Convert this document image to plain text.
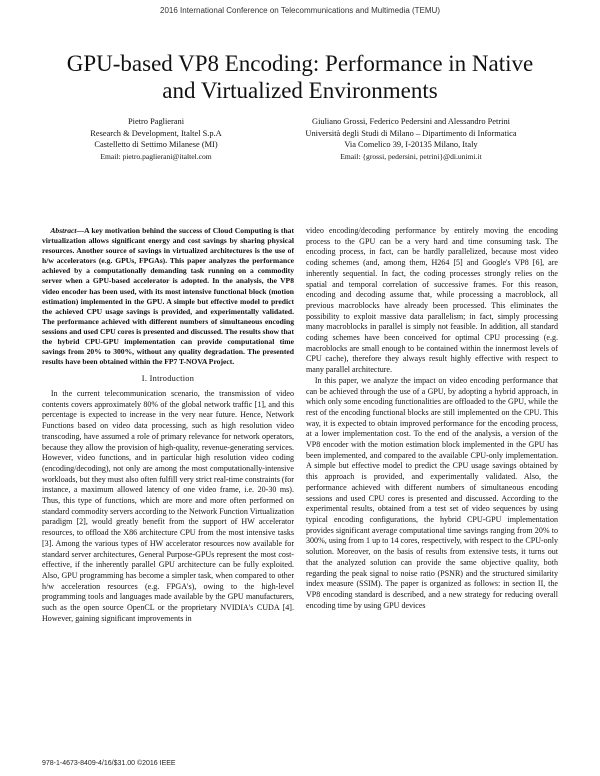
2016 International Conference on Telecommunications and Multimedia (TEMU)
GPU-based VP8 Encoding: Performance in Native
and Virtualized Environments
Pietro Paglierani
Research & Development, Italtel S.p.A
Castelletto di Settimo Milanese (MI)
Email: pietro.paglierani@italtel.com
Giuliano Grossi, Federico Pedersini and Alessandro Petrini
Università degli Studi di Milano – Dipartimento di Informatica
Via Comelico 39, I-20135 Milano, Italy
Email: {grossi, pedersini, petrini}@di.unimi.it

Abstract—A key motivation behind the success of Cloud Computing is that virtualization allows significant energy and cost savings by sharing physical resources. Another source of savings in virtualized architectures is the use of h/w accelerators (e.g. GPUs, FPGAs). This paper analyzes the performance achieved by a computationally demanding task running on a commodity server when a GPU-based accelerator is adopted. In the analysis, the VP8 video encoder has been used, with its most intensive functional block (motion estimation) implemented in the GPU. A simple but effective model to predict the achieved CPU usage savings is provided, and experimentally validated. The performance achieved with different numbers of simultaneous encoding sessions and used CPU cores is presented and discussed. The results show that the hybrid CPU-GPU implementation can provide computational time savings from 20% to 300%, without any quality degradation. The presented results have been obtained within the FP7 T-NOVA Project.

I. Introduction

In the current telecommunication scenario, the transmission of video contents covers approximately 80% of the global network traffic [1], and this percentage is expected to increase in the very near future. Hence, Network Functions based on video data processing, such as high resolution video transcoding, have assumed a role of primary relevance for network operators, because they allow the provision of high-quality, revenue-generating services. However, video functions, and in particular high resolution video coding (encoding/decoding), not only are among the most computationally-intensive workloads, but they must also often fulfill very strict real-time constraints (for instance, a maximum allowed latency of one video frame, i.e. 20-30 ms). Thus, this type of functions, which are more and more often performed on standard commodity servers according to the Network Function Virtualization paradigm [2], would greatly benefit from the support of HW accelerator resources, to offload the X86 architecture CPU from the most intensive tasks [3]. Among the various types of HW accelerator resources now available for standard server architectures, General Purpose-GPUs represent the most cost-effective, if the inherently parallel GPU architecture can be fully exploited. Also, GPU programming has become a simpler task, when compared to other h/w acceleration resources (e.g. FPGA's), owing to the high-level programming tools and languages made available by the GPU manufacturers, such as the open source OpenCL or the proprietary NVIDIA's CUDA [4]. However, gaining significant improvements in

video encoding/decoding performance by entirely moving the encoding process to the GPU can be a very hard and time consuming task. The encoding process, in fact, can be hardly parallelized, because most video coding schemes (and, among them, H264 [5] and Google's VP8 [6], are inherently sequential. In fact, the coding processes strongly relies on the spatial and temporal correlation of successive frames. For this reason, encoding and decoding assume that, while processing a macroblock, all previous macroblocks have already been processed. This eliminates the possibility to exploit massive data parallelism; in fact, simply processing many macroblocks in parallel is simply not feasible. In addition, all standard coding schemes have been conceived for optimal CPU processing (e.g. macroblocks are small enough to be contained within the innermost levels of CPU cache), therefore they always result highly effective with respect to many parallel architecture.

In this paper, we analyze the impact on video encoding performance that can be achieved through the use of a GPU, by adopting a hybrid approach, in which only some encoding functionalities are offloaded to the GPU, while the rest of the encoding functional blocks are still implemented on the CPU. This way, it is expected to obtain improved performance for the encoding process, at a lower implementation cost. To the end of the analysis, a version of the VP8 encoder with the motion estimation block implemented in the GPU has been implemented, and compared to the available CPU-only implementation. A simple but effective model to predict the CPU usage savings obtained by this approach is provided, and experimentally validated. Also, the performance achieved with different numbers of simultaneous encoding sessions and used CPU cores is presented and discussed. According to the experimental results, obtained from a test set of video sequences by using typical encoding configurations, the hybrid CPU-GPU implementation provides significant average computational time savings ranging from 20% to 300%, using from 1 up to 14 cores, respectively, with respect to the CPU-only solution. Moreover, on the basis of results from extensive tests, it turns out that the analyzed solution can provide the same objective quality, both regarding the peak signal to noise ratio (PSNR) and the structured similarity index measure (SSIM). The paper is organized as follows: in section II, the VP8 encoding standard is described, and a new strategy for reducing overall encoding time by using GPU devices

978-1-4673-8409-4/16/$31.00 ©2016 IEEE
